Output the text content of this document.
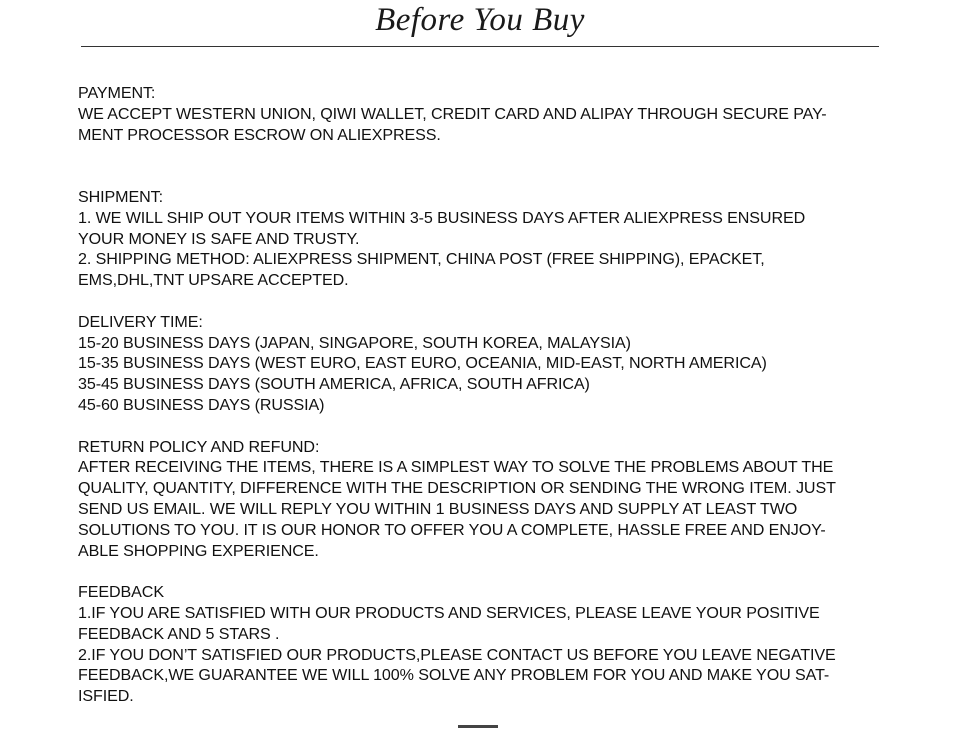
Before You Buy
PAYMENT:
WE ACCEPT WESTERN UNION, QIWI WALLET, CREDIT CARD AND ALIPAY THROUGH SECURE PAY-
MENT PROCESSOR ESCROW ON ALIEXPRESS.
SHIPMENT:
1. WE WILL SHIP OUT YOUR ITEMS WITHIN 3-5 BUSINESS DAYS AFTER ALIEXPRESS ENSURED
YOUR MONEY IS SAFE AND TRUSTY.
2. SHIPPING METHOD: ALIEXPRESS SHIPMENT, CHINA POST (FREE SHIPPING), EPACKET,
EMS,DHL,TNT UPSARE ACCEPTED.
DELIVERY TIME:
15-20 BUSINESS DAYS (JAPAN, SINGAPORE, SOUTH KOREA, MALAYSIA)
15-35 BUSINESS DAYS (WEST EURO, EAST EURO, OCEANIA, MID-EAST, NORTH AMERICA)
35-45 BUSINESS DAYS (SOUTH AMERICA, AFRICA, SOUTH AFRICA)
45-60 BUSINESS DAYS (RUSSIA)
RETURN POLICY AND REFUND:
AFTER RECEIVING THE ITEMS, THERE IS A SIMPLEST WAY TO SOLVE THE PROBLEMS ABOUT THE
QUALITY, QUANTITY, DIFFERENCE WITH THE DESCRIPTION OR SENDING THE WRONG ITEM. JUST
SEND US EMAIL. WE WILL REPLY YOU WITHIN 1 BUSINESS DAYS AND SUPPLY AT LEAST TWO
SOLUTIONS TO YOU. IT IS OUR HONOR TO OFFER YOU A COMPLETE, HASSLE FREE AND ENJOY-
ABLE SHOPPING EXPERIENCE.
FEEDBACK
1.IF YOU ARE SATISFIED WITH OUR PRODUCTS AND SERVICES, PLEASE LEAVE YOUR POSITIVE
FEEDBACK AND 5 STARS .
2.IF YOU DON’T SATISFIED OUR PRODUCTS,PLEASE CONTACT US BEFORE YOU LEAVE NEGATIVE
FEEDBACK,WE GUARANTEE WE WILL 100% SOLVE ANY PROBLEM FOR YOU AND MAKE YOU SAT-
ISFIED.
